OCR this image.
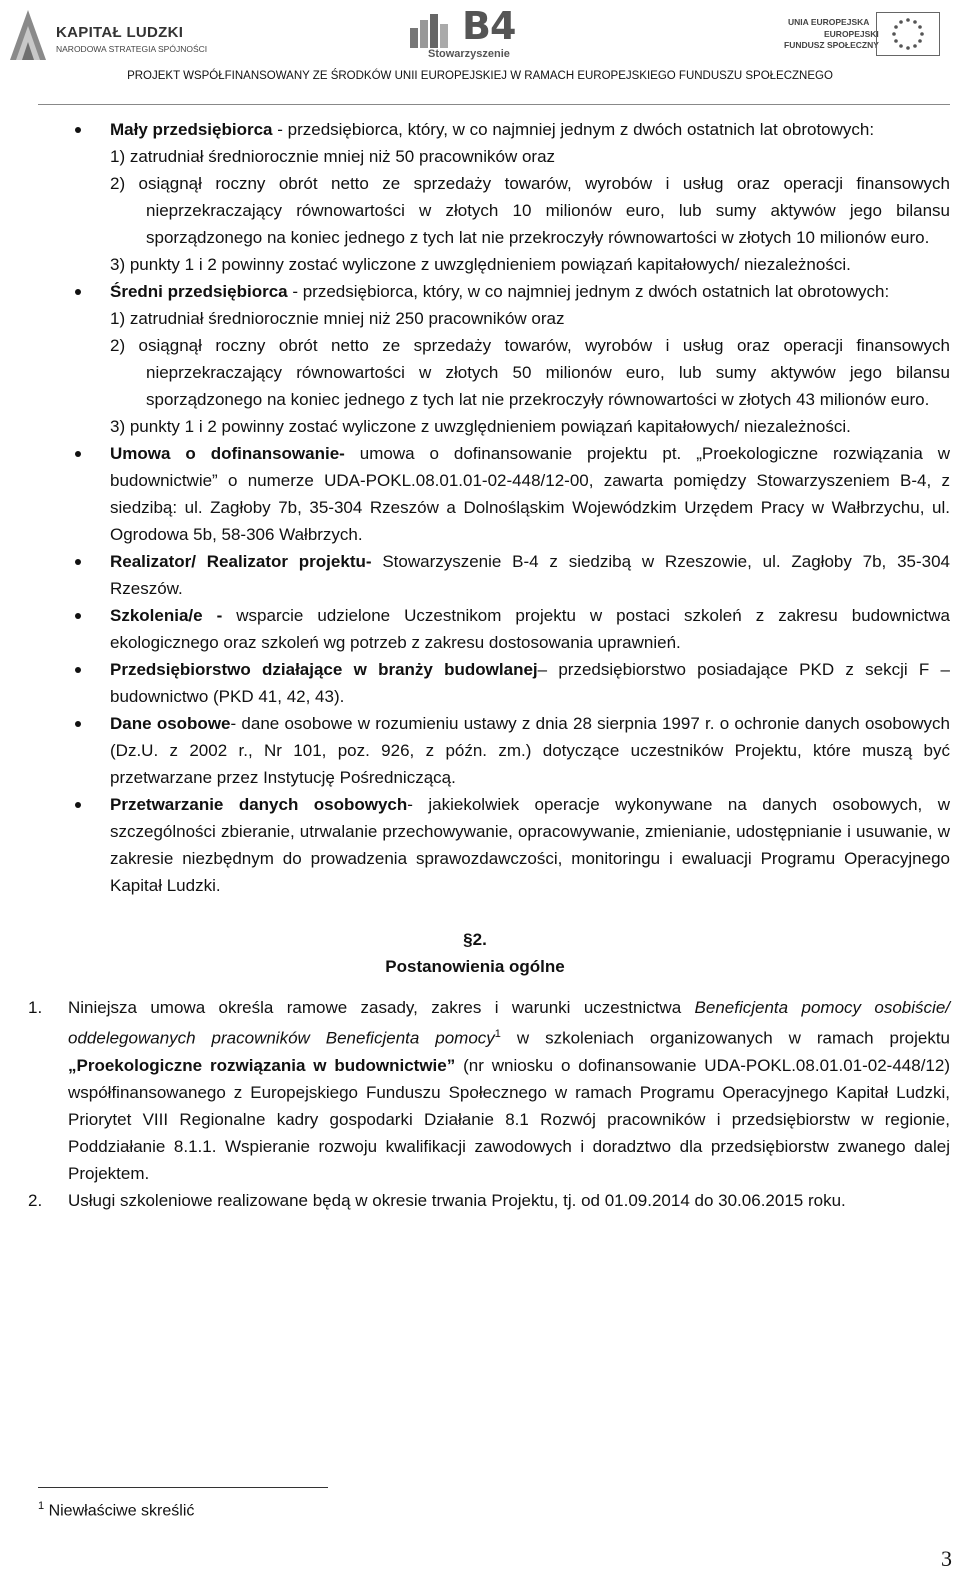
KAPITAŁ LUDZKI
NARODOWA STRATEGIA SPÓJNOŚCI
B4
Stowarzyszenie
UNIA EUROPEJSKA
EUROPEJSKI
FUNDUSZ SPOŁECZNY
PROJEKT WSPÓŁFINANSOWANY ZE ŚRODKÓW UNII EUROPEJSKIEJ W RAMACH EUROPEJSKIEGO FUNDUSZU SPOŁECZNEGO

Mały przedsiębiorca - przedsiębiorca, który, w co najmniej jednym z dwóch ostatnich lat obrotowych:

1) zatrudniał średniorocznie mniej niż 50 pracowników oraz

2) osiągnął roczny obrót netto ze sprzedaży towarów, wyrobów i usług oraz operacji finansowych nieprzekraczający równowartości w złotych 10 milionów euro, lub sumy aktywów jego bilansu sporządzonego na koniec jednego z tych lat nie przekroczyły równowartości w złotych 10 milionów euro.

3) punkty 1 i 2 powinny zostać wyliczone z uwzględnieniem powiązań kapitałowych/ niezależności.

Średni przedsiębiorca - przedsiębiorca, który, w co najmniej jednym z dwóch ostatnich lat obrotowych:

1) zatrudniał średniorocznie mniej niż 250 pracowników oraz

2) osiągnął roczny obrót netto ze sprzedaży towarów, wyrobów i usług oraz operacji finansowych nieprzekraczający równowartości w złotych 50 milionów euro, lub sumy aktywów jego bilansu sporządzonego na koniec jednego z tych lat nie przekroczyły równowartości w złotych 43 milionów euro.

3) punkty 1 i 2 powinny zostać wyliczone z uwzględnieniem powiązań kapitałowych/ niezależności.

Umowa o dofinansowanie- umowa o dofinansowanie projektu pt. „Proekologiczne rozwiązania w budownictwie” o numerze UDA-POKL.08.01.01-02-448/12-00, zawarta pomiędzy Stowarzyszeniem B-4, z siedzibą: ul. Zagłoby 7b, 35-304 Rzeszów a Dolnośląskim Wojewódzkim Urzędem Pracy w Wałbrzychu, ul. Ogrodowa 5b, 58-306 Wałbrzych.

Realizator/ Realizator projektu- Stowarzyszenie B-4 z siedzibą w Rzeszowie, ul. Zagłoby 7b, 35-304 Rzeszów.

Szkolenia/e - wsparcie udzielone Uczestnikom projektu w postaci szkoleń z zakresu budownictwa ekologicznego oraz szkoleń wg potrzeb z zakresu dostosowania uprawnień.

Przedsiębiorstwo działające w branży budowlanej– przedsiębiorstwo posiadające PKD z sekcji F – budownictwo (PKD 41, 42, 43).

Dane osobowe- dane osobowe w rozumieniu ustawy z dnia 28 sierpnia 1997 r. o ochronie danych osobowych (Dz.U. z 2002 r., Nr 101, poz. 926, z późn. zm.) dotyczące uczestników Projektu, które muszą być przetwarzane przez Instytucję Pośredniczącą.

Przetwarzanie danych osobowych- jakiekolwiek operacje wykonywane na danych osobowych, w szczególności zbieranie, utrwalanie przechowywanie, opracowywanie, zmienianie, udostępnianie i usuwanie, w zakresie niezbędnym do prowadzenia sprawozdawczości, monitoringu i ewaluacji Programu Operacyjnego Kapitał Ludzki.

§2.

Postanowienia ogólne

1. Niniejsza umowa określa ramowe zasady, zakres i warunki uczestnictwa Beneficjenta pomocy osobiście/ oddelegowanych pracowników Beneficjenta pomocy$^1$ w szkoleniach organizowanych w ramach projektu „Proekologiczne rozwiązania w budownictwie” (nr wniosku o dofinansowanie UDA-POKL.08.01.01-02-448/12) współfinansowanego z Europejskiego Funduszu Społecznego w ramach Programu Operacyjnego Kapitał Ludzki, Priorytet VIII Regionalne kadry gospodarki Działanie 8.1 Rozwój pracowników i przedsiębiorstw w regionie, Poddziałanie 8.1.1. Wspieranie rozwoju kwalifikacji zawodowych i doradztwo dla przedsiębiorstw zwanego dalej Projektem.

2. Usługi szkoleniowe realizowane będą w okresie trwania Projektu, tj. od 01.09.2014 do 30.06.2015 roku.

$^1$ Niewłaściwe skreślić
3
